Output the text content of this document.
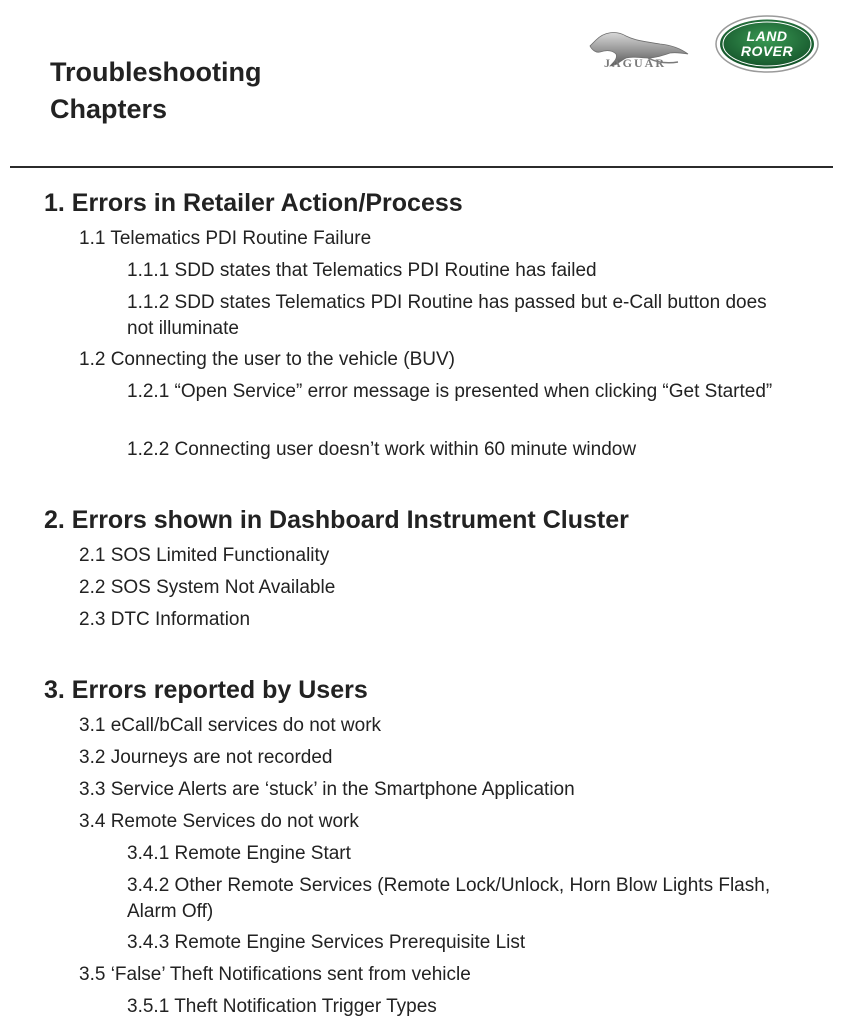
Troubleshooting
Chapters
JAGUAR
LAND
ROVER
1. Errors in Retailer Action/Process

1.1 Telematics PDI Routine Failure

1.1.1 SDD states that Telematics PDI Routine has failed

1.1.2 SDD states Telematics PDI Routine has passed but e-Call button does not illuminate

1.2 Connecting the user to the vehicle (BUV)

1.2.1 “Open Service” error message is presented when clicking “Get Started”

1.2.2 Connecting user doesn’t work within 60 minute window

2. Errors shown in Dashboard Instrument Cluster

2.1 SOS Limited Functionality

2.2 SOS System Not Available

2.3 DTC Information

3. Errors reported by Users

3.1 eCall/bCall services do not work

3.2 Journeys are not recorded

3.3 Service Alerts are ‘stuck’ in the Smartphone Application

3.4 Remote Services do not work

3.4.1 Remote Engine Start

3.4.2 Other Remote Services (Remote Lock/Unlock, Horn Blow Lights Flash, Alarm Off)

3.4.3 Remote Engine Services Prerequisite List

3.5 ‘False’ Theft Notifications sent from vehicle

3.5.1 Theft Notification Trigger Types
